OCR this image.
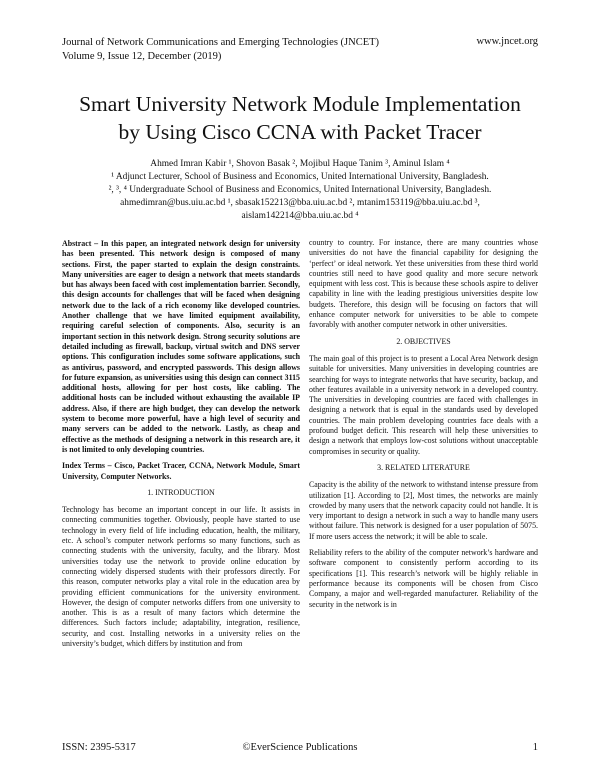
Journal of Network Communications and Emerging Technologies (JNCET)
Volume 9, Issue 12, December (2019)
www.jncet.org
Smart University Network Module Implementation
by Using Cisco CCNA with Packet Tracer
Ahmed Imran Kabir ¹, Shovon Basak ², Mojibul Haque Tanim ³, Aminul Islam ⁴
¹ Adjunct Lecturer, School of Business and Economics, United International University, Bangladesh.
², ³, ⁴ Undergraduate School of Business and Economics, United International University, Bangladesh.
ahmedimran@bus.uiu.ac.bd ¹, sbasak152213@bba.uiu.ac.bd ², mtanim153119@bba.uiu.ac.bd ³,
aislam142214@bba.uiu.ac.bd ⁴

Abstract – In this paper, an integrated network design for university has been presented. This network design is composed of many sections. First, the paper started to explain the design constraints. Many universities are eager to design a network that meets standards but has always been faced with cost implementation barrier. Secondly, this design accounts for challenges that will be faced when designing network due to the lack of a rich economy like developed countries. Another challenge that we have limited equipment availability, requiring careful selection of components. Also, security is an important section in this network design. Strong security solutions are detailed including as firewall, backup, virtual switch and DNS server options. This configuration includes some software applications, such as antivirus, password, and encrypted passwords. This design allows for future expansion, as universities using this design can connect 3115 additional hosts, allowing for per host costs, like cabling. The additional hosts can be included without exhausting the available IP address. Also, if there are high budget, they can develop the network system to become more powerful, have a high level of security and many servers can be added to the network. Lastly, as cheap and effective as the methods of designing a network in this research are, it is not limited to only developing countries.

Index Terms – Cisco, Packet Tracer, CCNA, Network Module, Smart University, Computer Networks.

1. INTRODUCTION

Technology has become an important concept in our life. It assists in connecting communities together. Obviously, people have started to use technology in every field of life including education, health, the military, etc. A school’s computer network performs so many functions, such as connecting students with the university, faculty, and the library. Most universities today use the network to provide online education by connecting widely dispersed students with their professors directly. For this reason, computer networks play a vital role in the education area by providing efficient communications for the university environment. However, the design of computer networks differs from one university to another. This is as a result of many factors which determine the differences. Such factors include; adaptability, integration, resilience, security, and cost. Installing networks in a university relies on the university’s budget, which differs by institution and from

country to country. For instance, there are many countries whose universities do not have the financial capability for designing the ‘perfect’ or ideal network. Yet these universities from these third world countries still need to have good quality and more secure network equipment with less cost. This is because these schools aspire to deliver capability in line with the leading prestigious universities despite low budgets. Therefore, this design will be focusing on factors that will enhance computer network for universities to be able to compete favorably with another computer network in other universities.

2. OBJECTIVES

The main goal of this project is to present a Local Area Network design suitable for universities. Many universities in developing countries are searching for ways to integrate networks that have security, backup, and other features available in a university network in a developed country. The universities in developing countries are faced with challenges in designing a network that is equal in the standards used by developed countries. The main problem developing countries face deals with a profound budget deficit. This research will help these universities to design a network that employs low-cost solutions without unacceptable compromises in security or quality.

3. RELATED LITERATURE

Capacity is the ability of the network to withstand intense pressure from utilization [1]. According to [2], Most times, the networks are mainly crowded by many users that the network capacity could not handle. It is very important to design a network in such a way to handle many users without failure. This network is designed for a user population of 5075. If more users access the network; it will be able to scale.

Reliability refers to the ability of the computer network’s hardware and software component to consistently perform according to its specifications [1]. This research’s network will be highly reliable in performance because its components will be chosen from Cisco Company, a major and well-regarded manufacturer. Reliability of the security in the network is in

ISSN: 2395-5317	©EverScience Publications	1
